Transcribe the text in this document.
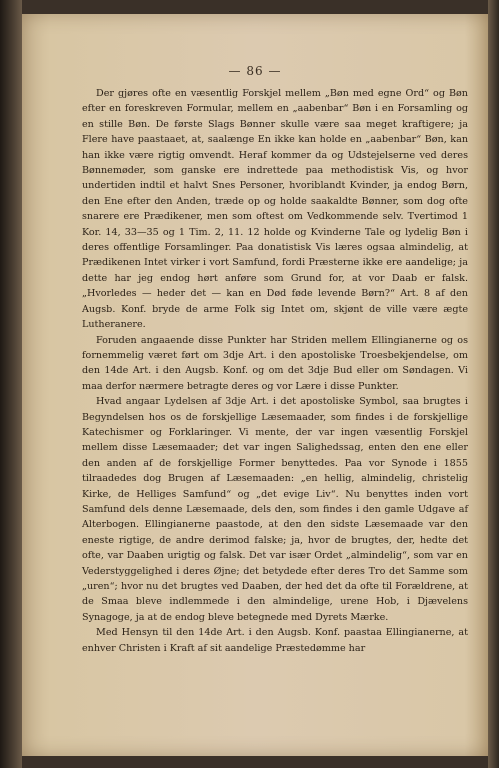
— 86 —

Der gjøres ofte en væsentlig Forskjel mellem „Bøn med egne Ord“ og Bøn efter en foreskreven Formular, mellem en „aabenbar“ Bøn i en Forsamling og en stille Bøn. De første Slags Bønner skulle være saa meget kraftigere; ja Flere have paastaaet, at, saalænge En ikke kan holde en „aabenbar“ Bøn, kan han ikke være rigtig omvendt. Heraf kommer da og Udstejelserne ved deres Bønnemøder, som ganske ere indrettede paa methodistisk Vis, og hvor undertiden indtil et halvt Snes Personer, hvoriblandt Kvinder, ja endog Børn, den Ene efter den Anden, træde op og holde saakaldte Bønner, som dog ofte snarere ere Prædikener, men som oftest om Vedkommende selv. Tvertimod 1 Kor. 14, 33—35 og 1 Tim. 2, 11. 12 holde og Kvinderne Tale og lydelig Bøn i deres offentlige Forsamlinger. Paa donatistisk Vis læres ogsaa almindelig, at Prædikenen Intet virker i vort Samfund, fordi Præsterne ikke ere aandelige; ja dette har jeg endog hørt anføre som Grund for, at vor Daab er falsk. „Hvorledes — heder det — kan en Død føde levende Børn?“ Art. 8 af den Augsb. Konf. bryde de arme Folk sig Intet om, skjønt de ville være ægte Lutheranere.

Foruden angaaende disse Punkter har Striden mellem Ellingianerne og os fornemmelig været ført om 3dje Art. i den apostoliske Troesbekjendelse, om den 14de Art. i den Augsb. Konf. og om det 3dje Bud eller om Søndagen. Vi maa derfor nærmere betragte deres og vor Lære i disse Punkter.

Hvad angaar Lydelsen af 3dje Art. i det apostoliske Symbol, saa brugtes i Begyndelsen hos os de forskjellige Læsemaader, som findes i de forskjellige Katechismer og Forklaringer. Vi mente, der var ingen væsentlig Forskjel mellem disse Læsemaader; det var ingen Salighedssag, enten den ene eller den anden af de forskjellige Former benyttedes. Paa vor Synode i 1855 tilraadedes dog Brugen af Læsemaaden: „en hellig, almindelig, christelig Kirke, de Helliges Samfund“ og „det evige Liv“. Nu benyttes inden vort Samfund dels denne Læsemaade, dels den, som findes i den gamle Udgave af Alterbogen. Ellingianerne paastode, at den den sidste Læsemaade var den eneste rigtige, de andre derimod falske; ja, hvor de brugtes, der, hedte det ofte, var Daaben urigtig og falsk. Det var især Ordet „almindelig“, som var en Vederstyggelighed i deres Øjne; det betydede efter deres Tro det Samme som „uren“; hvor nu det brugtes ved Daaben, der hed det da ofte til Forældrene, at de Smaa bleve indlemmede i den almindelige, urene Hob, i Djævelens Synagoge, ja at de endog bleve betegnede med Dyrets Mærke.

Med Hensyn til den 14de Art. i den Augsb. Konf. paastaa Ellingianerne, at enhver Christen i Kraft af sit aandelige Præstedømme har
